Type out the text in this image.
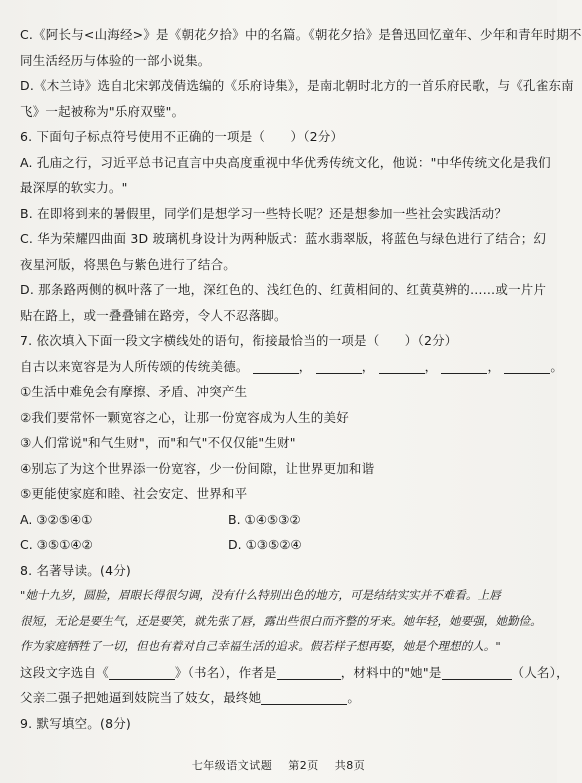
C.《阿长与<山海经>》是《朝花夕拾》中的名篇。《朝花夕拾》是鲁迅回忆童年、少年和青年时期不
同生活经历与体验的一部小说集。
D.《木兰诗》选自北宋郭茂倩选编的《乐府诗集》，是南北朝时北方的一首乐府民歌，与《孔雀东南
飞》一起被称为"乐府双璧"。
6. 下面句子标点符号使用不正确的一项是（　　）（2分）
A. 孔庙之行，习近平总书记直言中央高度重视中华优秀传统文化，他说："中华传统文化是我们
最深厚的软实力。"
B. 在即将到来的暑假里，同学们是想学习一些特长呢？还是想参加一些社会实践活动？
C. 华为荣耀四曲面 3D 玻璃机身设计为两种版式：蓝水翡翠版，将蓝色与绿色进行了结合；幻
夜星河版，将黑色与紫色进行了结合。
D. 那条路两侧的枫叶落了一地，深红色的、浅红色的、红黄相间的、红黄莫辨的……或一片片
贴在路上，或一叠叠铺在路旁，令人不忍落脚。
7. 依次填入下面一段文字横线处的语句，衔接最恰当的一项是（　　）（2分）
自古以来宽容是为人所传颂的传统美德。	，	，	，	，	。
①生活中难免会有摩擦、矛盾、冲突产生
②我们要常怀一颗宽容之心，让那一份宽容成为人生的美好
③人们常说"和气生财"，而"和气"不仅仅能"生财"
④别忘了为这个世界添一份宽容，少一份间隙，让世界更加和谐
⑤更能使家庭和睦、社会安定、世界和平
A. ③②⑤④①	B. ①④⑤③②
C. ③⑤①④②	D. ①③⑤②④
8. 名著导读。(4分)
"她十九岁，圆脸，眉眼长得很匀调，没有什么特别出色的地方，可是结结实实并不难看。上唇
很短，无论是要生气，还是要笑，就先张了唇，露出些很白而齐整的牙来。她年轻，她要强，她勤俭。
作为家庭牺牲了一切，但也有着对自己幸福生活的追求。假若样子想再娶，她是个理想的人。"
这段文字选自《	》（书名），作者是	，材料中的"她"是	（人名），
父亲二强子把她逼到妓院当了妓女，最终她	。
9. 默写填空。(8分)
七年级语文试题 第2页 共8页
